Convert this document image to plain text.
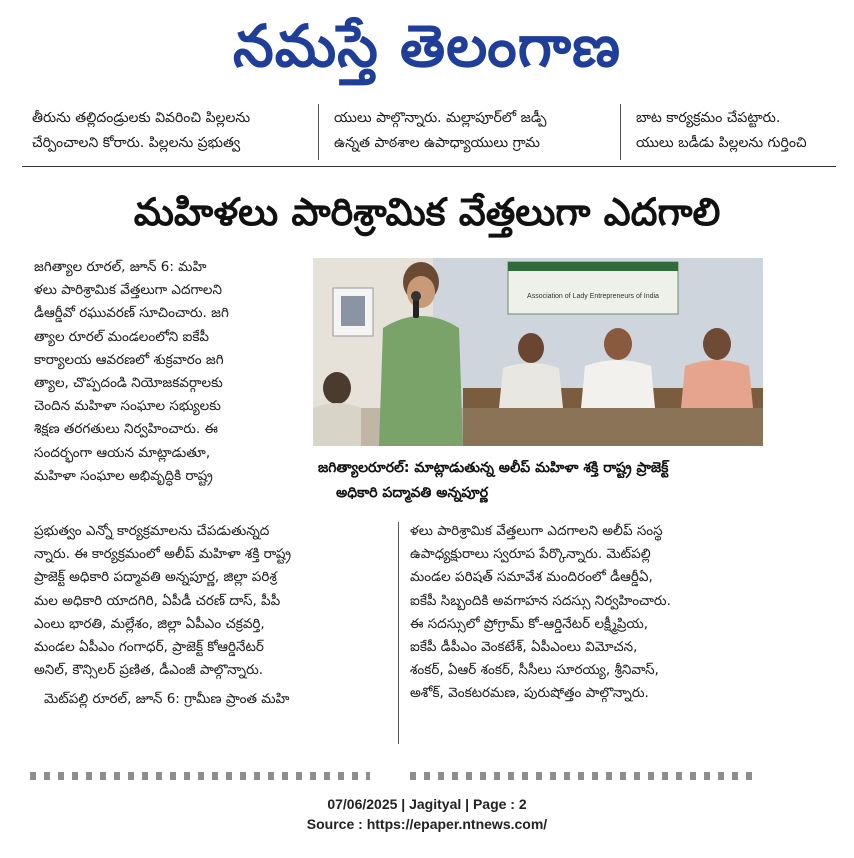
నమస్తే తెలంగాణ
తీరును తల్లిదండ్రులకు వివరించి పిల్లలను
చేర్పించాలని కోరారు. పిల్లలను ప్రభుత్వ
యులు పాల్గొన్నారు. మల్లాపూర్‌లో జడ్పీ
ఉన్నత పాఠశాల ఉపాధ్యాయులు గ్రామ
బాట కార్యక్రమం చేపట్టారు.
యులు బడీడు పిల్లలను గుర్తించి
మహిళలు పారిశ్రామిక వేత్తలుగా ఎదగాలి

జగిత్యాల రూరల్, జూన్ 6: మహి

ళలు పారిశ్రామిక వేత్తలుగా ఎదగాలని

డీఆర్డీవో రఘువరణ్ సూచించారు. జగి

త్యాల రూరల్ మండలంలోని ఐకేపీ

కార్యాలయ ఆవరణలో శుక్రవారం జగి

త్యాల, చొప్పదండి నియోజకవర్గాలకు

చెందిన మహిళా సంఘాల సభ్యులకు

శిక్షణ తరగతులు నిర్వహించారు. ఈ

సందర్భంగా ఆయన మాట్లాడుతూ,

మహిళా సంఘాల అభివృద్ధికి రాష్ట్ర

ప్రభుత్వం ఎన్నో కార్యక్రమాలను చేపడుతున్నద

న్నారు. ఈ కార్యక్రమంలో అలీప్ మహిళా శక్తి రాష్ట్ర

ప్రాజెక్ట్ అధికారి పద్మావతి అన్నపూర్ణ, జిల్లా పరిశ్ర

మల అధికారి యాదగిరి, ఏపీడీ చరణ్ దాస్, పీపీ

ఎంలు భారతి, మల్లేశం, జిల్లా ఏపీఎం చక్రవర్తి,

మండల ఏపీఎం గంగాధర్, ప్రాజెక్ట్ కోఆర్డినేటర్

అనిల్, కౌన్సిలర్ ప్రణిత, డీఎంజీ పాల్గొన్నారు.

మెట్‌పల్లి రూరల్, జూన్ 6: గ్రామీణ ప్రాంత మహి

ళలు పారిశ్రామిక వేత్తలుగా ఎదగాలని అలీప్ సంస్థ

ఉపాధ్యక్షురాలు స్వరూప పేర్కొన్నారు. మెట్‌పల్లి

మండల పరిషత్ సమావేశ మందిరంలో డీఆర్డీఏ,

ఐకేపీ సిబ్బందికి అవగాహన సదస్సు నిర్వహించారు.

ఈ సదస్సులో ప్రోగ్రామ్ కో-ఆర్డినేటర్ లక్ష్మీప్రియ,

ఐకేపీ డీపీఎం వెంకటేశ్, ఏపీఎంలు విమోచన,

శంకర్, ఏఆర్ శంకర్, సీసీలు సూరయ్య, శ్రీనివాస్,

అశోక్, వెంకటరమణ, పురుషోత్తం పాల్గొన్నారు.

Association of Lady Entrepreneurs of India
జగిత్యాలరూరల్: మాట్లాడుతున్న అలీప్ మహిళా శక్తి రాష్ట్ర ప్రాజెక్ట్
అధికారి పద్మావతి అన్నపూర్ణ
07/06/2025 | Jagityal | Page : 2
Source : https://epaper.ntnews.com/
